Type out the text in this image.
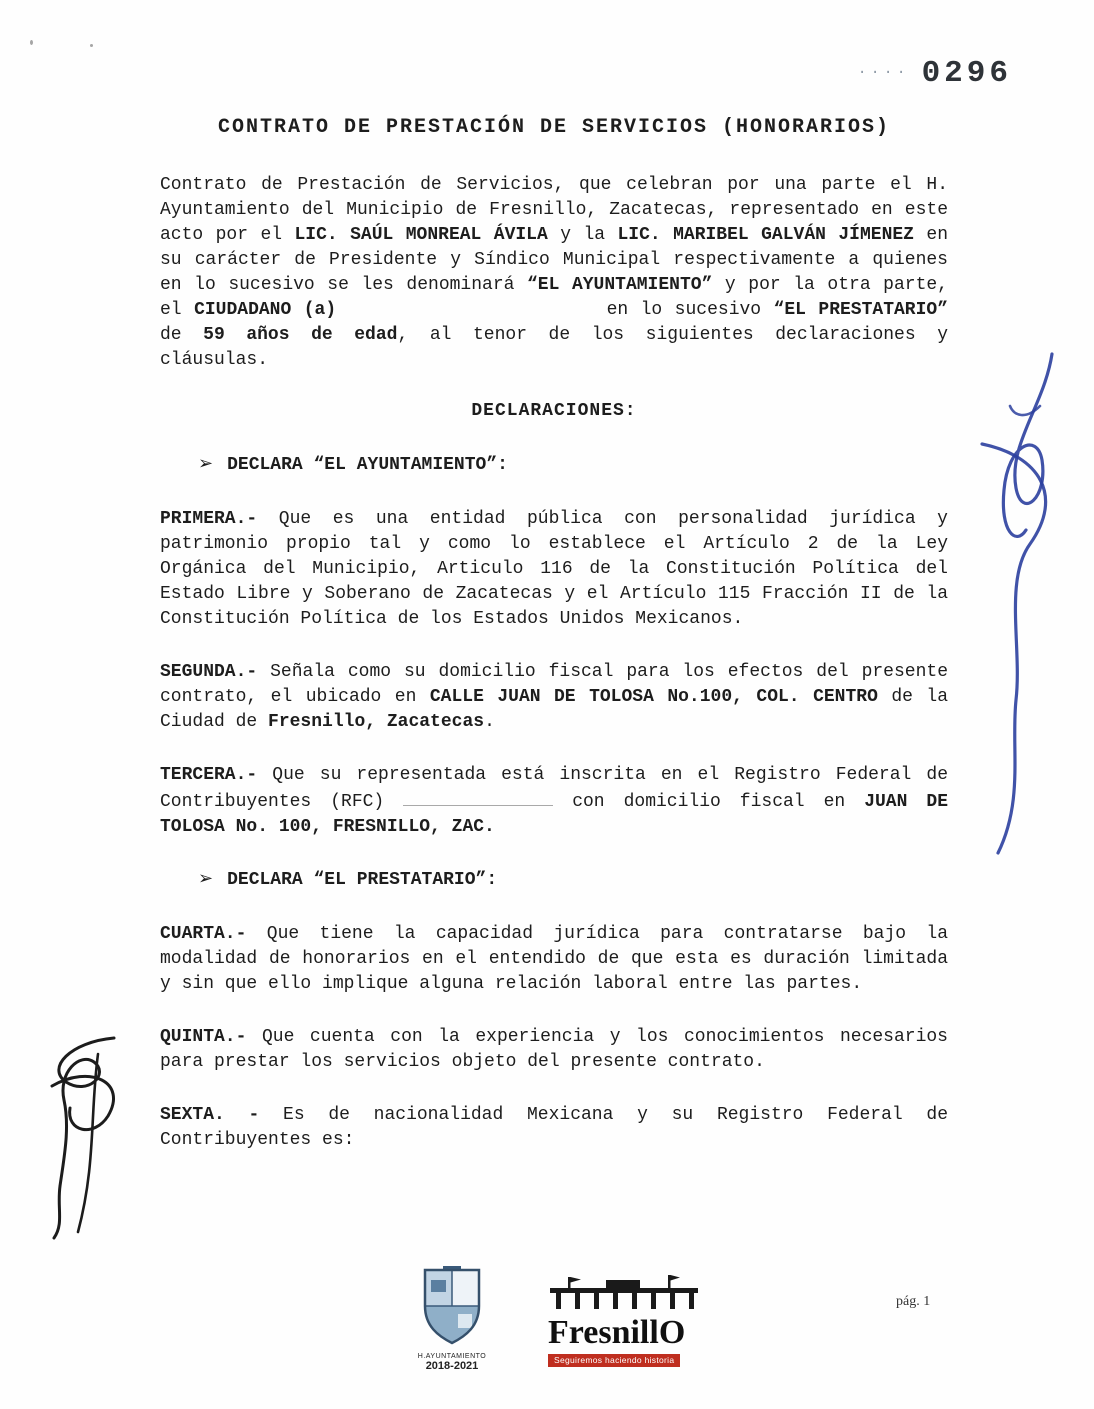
.... 0296
CONTRATO DE PRESTACIÓN DE SERVICIOS (HONORARIOS)

Contrato de Prestación de Servicios, que celebran por una parte el H. Ayuntamiento del Municipio de Fresnillo, Zacatecas, representado en este acto por el LIC. SAÚL MONREAL ÁVILA y la LIC. MARIBEL GALVÁN JÍMENEZ en su carácter de Presidente y Síndico Municipal respectivamente a quienes en lo sucesivo se les denominará “EL AYUNTAMIENTO” y por la otra parte, el CIUDADANO (a)	en lo sucesivo “EL PRESTATARIO” de 59 años de edad, al tenor de los siguientes declaraciones y cláusulas.

DECLARACIONES:
➢ DECLARA “EL AYUNTAMIENTO”:

PRIMERA.- Que es una entidad pública con personalidad jurídica y patrimonio propio tal y como lo establece el Artículo 2 de la Ley Orgánica del Municipio, Articulo 116 de la Constitución Política del Estado Libre y Soberano de Zacatecas y el Artículo 115 Fracción II de la Constitución Política de los Estados Unidos Mexicanos.

SEGUNDA.- Señala como su domicilio fiscal para los efectos del presente contrato, el ubicado en CALLE JUAN DE TOLOSA No.100, COL. CENTRO de la Ciudad de Fresnillo, Zacatecas.

TERCERA.- Que su representada está inscrita en el Registro Federal de Contribuyentes (RFC)	con domicilio fiscal en JUAN DE TOLOSA No. 100, FRESNILLO, ZAC.

➢ DECLARA “EL PRESTATARIO”:

CUARTA.- Que tiene la capacidad jurídica para contratarse bajo la modalidad de honorarios en el entendido de que esta es duración limitada y sin que ello implique alguna relación laboral entre las partes.

QUINTA.- Que cuenta con la experiencia y los conocimientos necesarios para prestar los servicios objeto del presente contrato.

SEXTA. - Es de nacionalidad Mexicana y su Registro Federal de Contribuyentes es:

H.AYUNTAMIENTO
2018-2021
FresnillO
Seguiremos haciendo historia
pág. 1
